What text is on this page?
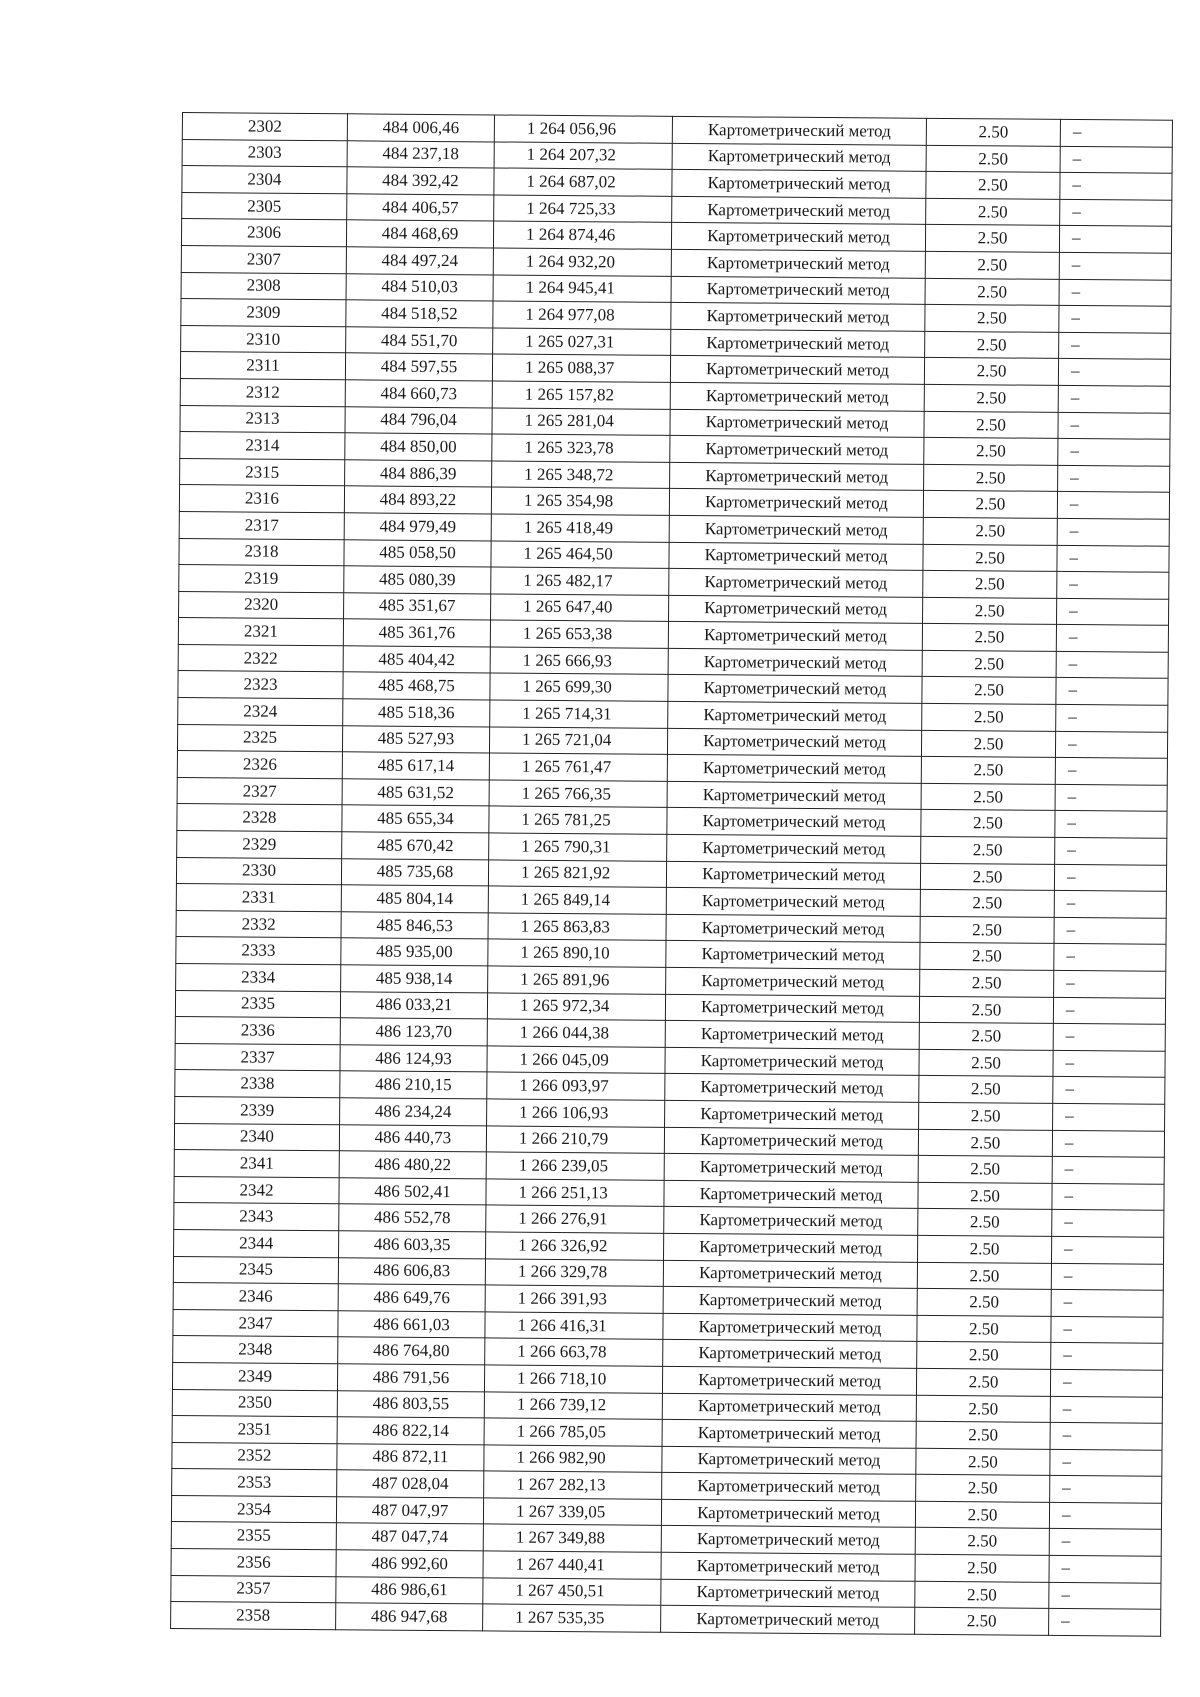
2302	484 006,46	1 264 056,96	Картометрический метод	2.50	–
2303	484 237,18	1 264 207,32	Картометрический метод	2.50	–
2304	484 392,42	1 264 687,02	Картометрический метод	2.50	–
2305	484 406,57	1 264 725,33	Картометрический метод	2.50	–
2306	484 468,69	1 264 874,46	Картометрический метод	2.50	–
2307	484 497,24	1 264 932,20	Картометрический метод	2.50	–
2308	484 510,03	1 264 945,41	Картометрический метод	2.50	–
2309	484 518,52	1 264 977,08	Картометрический метод	2.50	–
2310	484 551,70	1 265 027,31	Картометрический метод	2.50	–
2311	484 597,55	1 265 088,37	Картометрический метод	2.50	–
2312	484 660,73	1 265 157,82	Картометрический метод	2.50	–
2313	484 796,04	1 265 281,04	Картометрический метод	2.50	–
2314	484 850,00	1 265 323,78	Картометрический метод	2.50	–
2315	484 886,39	1 265 348,72	Картометрический метод	2.50	–
2316	484 893,22	1 265 354,98	Картометрический метод	2.50	–
2317	484 979,49	1 265 418,49	Картометрический метод	2.50	–
2318	485 058,50	1 265 464,50	Картометрический метод	2.50	–
2319	485 080,39	1 265 482,17	Картометрический метод	2.50	–
2320	485 351,67	1 265 647,40	Картометрический метод	2.50	–
2321	485 361,76	1 265 653,38	Картометрический метод	2.50	–
2322	485 404,42	1 265 666,93	Картометрический метод	2.50	–
2323	485 468,75	1 265 699,30	Картометрический метод	2.50	–
2324	485 518,36	1 265 714,31	Картометрический метод	2.50	–
2325	485 527,93	1 265 721,04	Картометрический метод	2.50	–
2326	485 617,14	1 265 761,47	Картометрический метод	2.50	–
2327	485 631,52	1 265 766,35	Картометрический метод	2.50	–
2328	485 655,34	1 265 781,25	Картометрический метод	2.50	–
2329	485 670,42	1 265 790,31	Картометрический метод	2.50	–
2330	485 735,68	1 265 821,92	Картометрический метод	2.50	–
2331	485 804,14	1 265 849,14	Картометрический метод	2.50	–
2332	485 846,53	1 265 863,83	Картометрический метод	2.50	–
2333	485 935,00	1 265 890,10	Картометрический метод	2.50	–
2334	485 938,14	1 265 891,96	Картометрический метод	2.50	–
2335	486 033,21	1 265 972,34	Картометрический метод	2.50	–
2336	486 123,70	1 266 044,38	Картометрический метод	2.50	–
2337	486 124,93	1 266 045,09	Картометрический метод	2.50	–
2338	486 210,15	1 266 093,97	Картометрический метод	2.50	–
2339	486 234,24	1 266 106,93	Картометрический метод	2.50	–
2340	486 440,73	1 266 210,79	Картометрический метод	2.50	–
2341	486 480,22	1 266 239,05	Картометрический метод	2.50	–
2342	486 502,41	1 266 251,13	Картометрический метод	2.50	–
2343	486 552,78	1 266 276,91	Картометрический метод	2.50	–
2344	486 603,35	1 266 326,92	Картометрический метод	2.50	–
2345	486 606,83	1 266 329,78	Картометрический метод	2.50	–
2346	486 649,76	1 266 391,93	Картометрический метод	2.50	–
2347	486 661,03	1 266 416,31	Картометрический метод	2.50	–
2348	486 764,80	1 266 663,78	Картометрический метод	2.50	–
2349	486 791,56	1 266 718,10	Картометрический метод	2.50	–
2350	486 803,55	1 266 739,12	Картометрический метод	2.50	–
2351	486 822,14	1 266 785,05	Картометрический метод	2.50	–
2352	486 872,11	1 266 982,90	Картометрический метод	2.50	–
2353	487 028,04	1 267 282,13	Картометрический метод	2.50	–
2354	487 047,97	1 267 339,05	Картометрический метод	2.50	–
2355	487 047,74	1 267 349,88	Картометрический метод	2.50	–
2356	486 992,60	1 267 440,41	Картометрический метод	2.50	–
2357	486 986,61	1 267 450,51	Картометрический метод	2.50	–
2358	486 947,68	1 267 535,35	Картометрический метод	2.50	–
